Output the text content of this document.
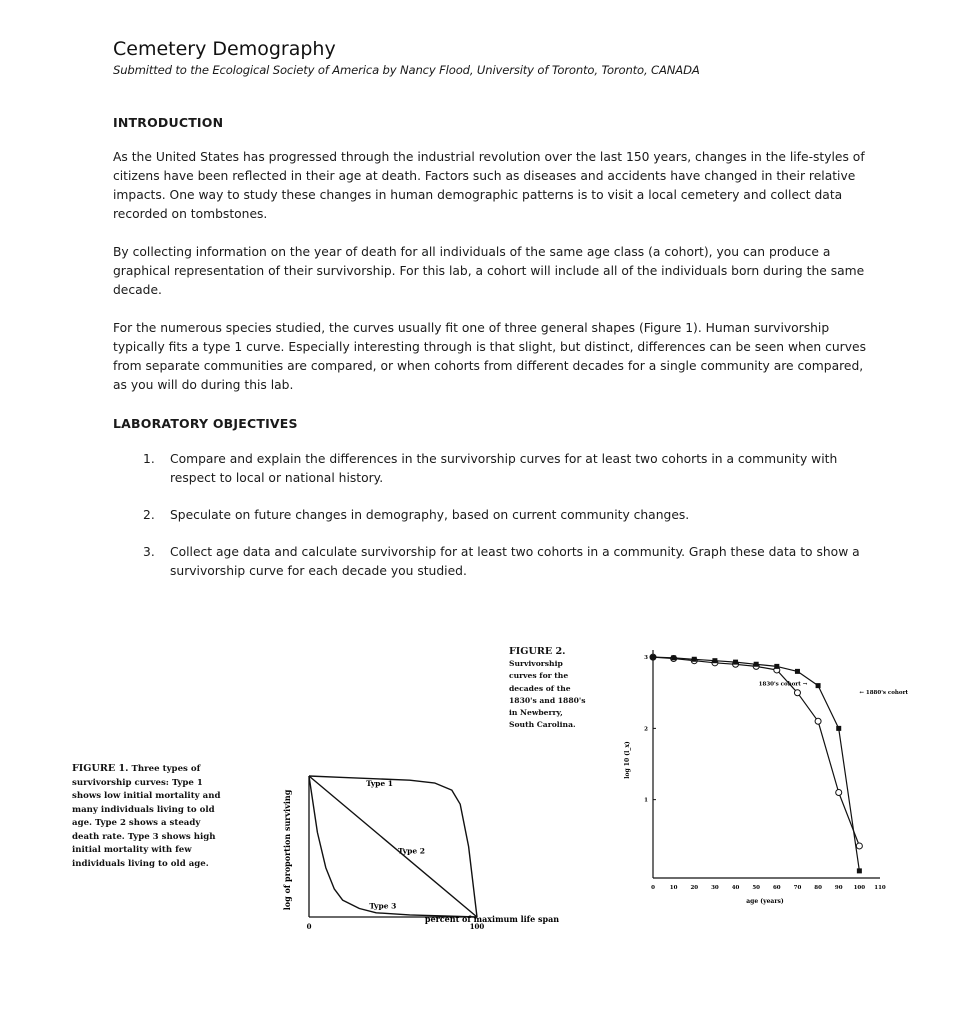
Cemetery Demography

Submitted to the Ecological Society of America by Nancy Flood, University of Toronto, Toronto, CANADA

INTRODUCTION

As the United States has progressed through the industrial revolution over the last 150 years, changes in the life-styles of citizens have been reflected in their age at death. Factors such as diseases and accidents have changed in their relative impacts. One way to study these changes in human demographic patterns is to visit a local cemetery and collect data recorded on tombstones.

By collecting information on the year of death for all individuals of the same age class (a cohort), you can produce a graphical representation of their survivorship. For this lab, a cohort will include all of the individuals born during the same decade.

For the numerous species studied, the curves usually fit one of three general shapes (Figure 1). Human survivorship typically fits a type 1 curve. Especially interesting through is that slight, but distinct, differences can be seen when curves from separate communities are compared, or when cohorts from different decades for a single community are compared, as you will do during this lab.

LABORATORY OBJECTIVES
1. Compare and explain the differences in the survivorship curves for at least two cohorts in a community with respect to local or national history.
2. Speculate on future changes in demography, based on current community changes.
3. Collect age data and calculate survivorship for at least two cohorts in a community. Graph these data to show a survivorship curve for each decade you studied.
FIGURE 1. Three types of survivorship curves: Type 1 shows low initial mortality and many individuals living to old age. Type 2 shows a steady death rate. Type 3 shows high initial mortality with few individuals living to old age.
0	100
Type 1
Type 2
Type 3
percent of maximum life span
log of proportion surviving
FIGURE 2. Survivorship curves for the decades of the 1830's and 1880's in Newberry, South Carolina.
0	10 20 30 40 50 60 70 80 90 100 110
1
2
3
1830's cohort →
← 1880's cohort
age (years)
log 10 (l_x)
